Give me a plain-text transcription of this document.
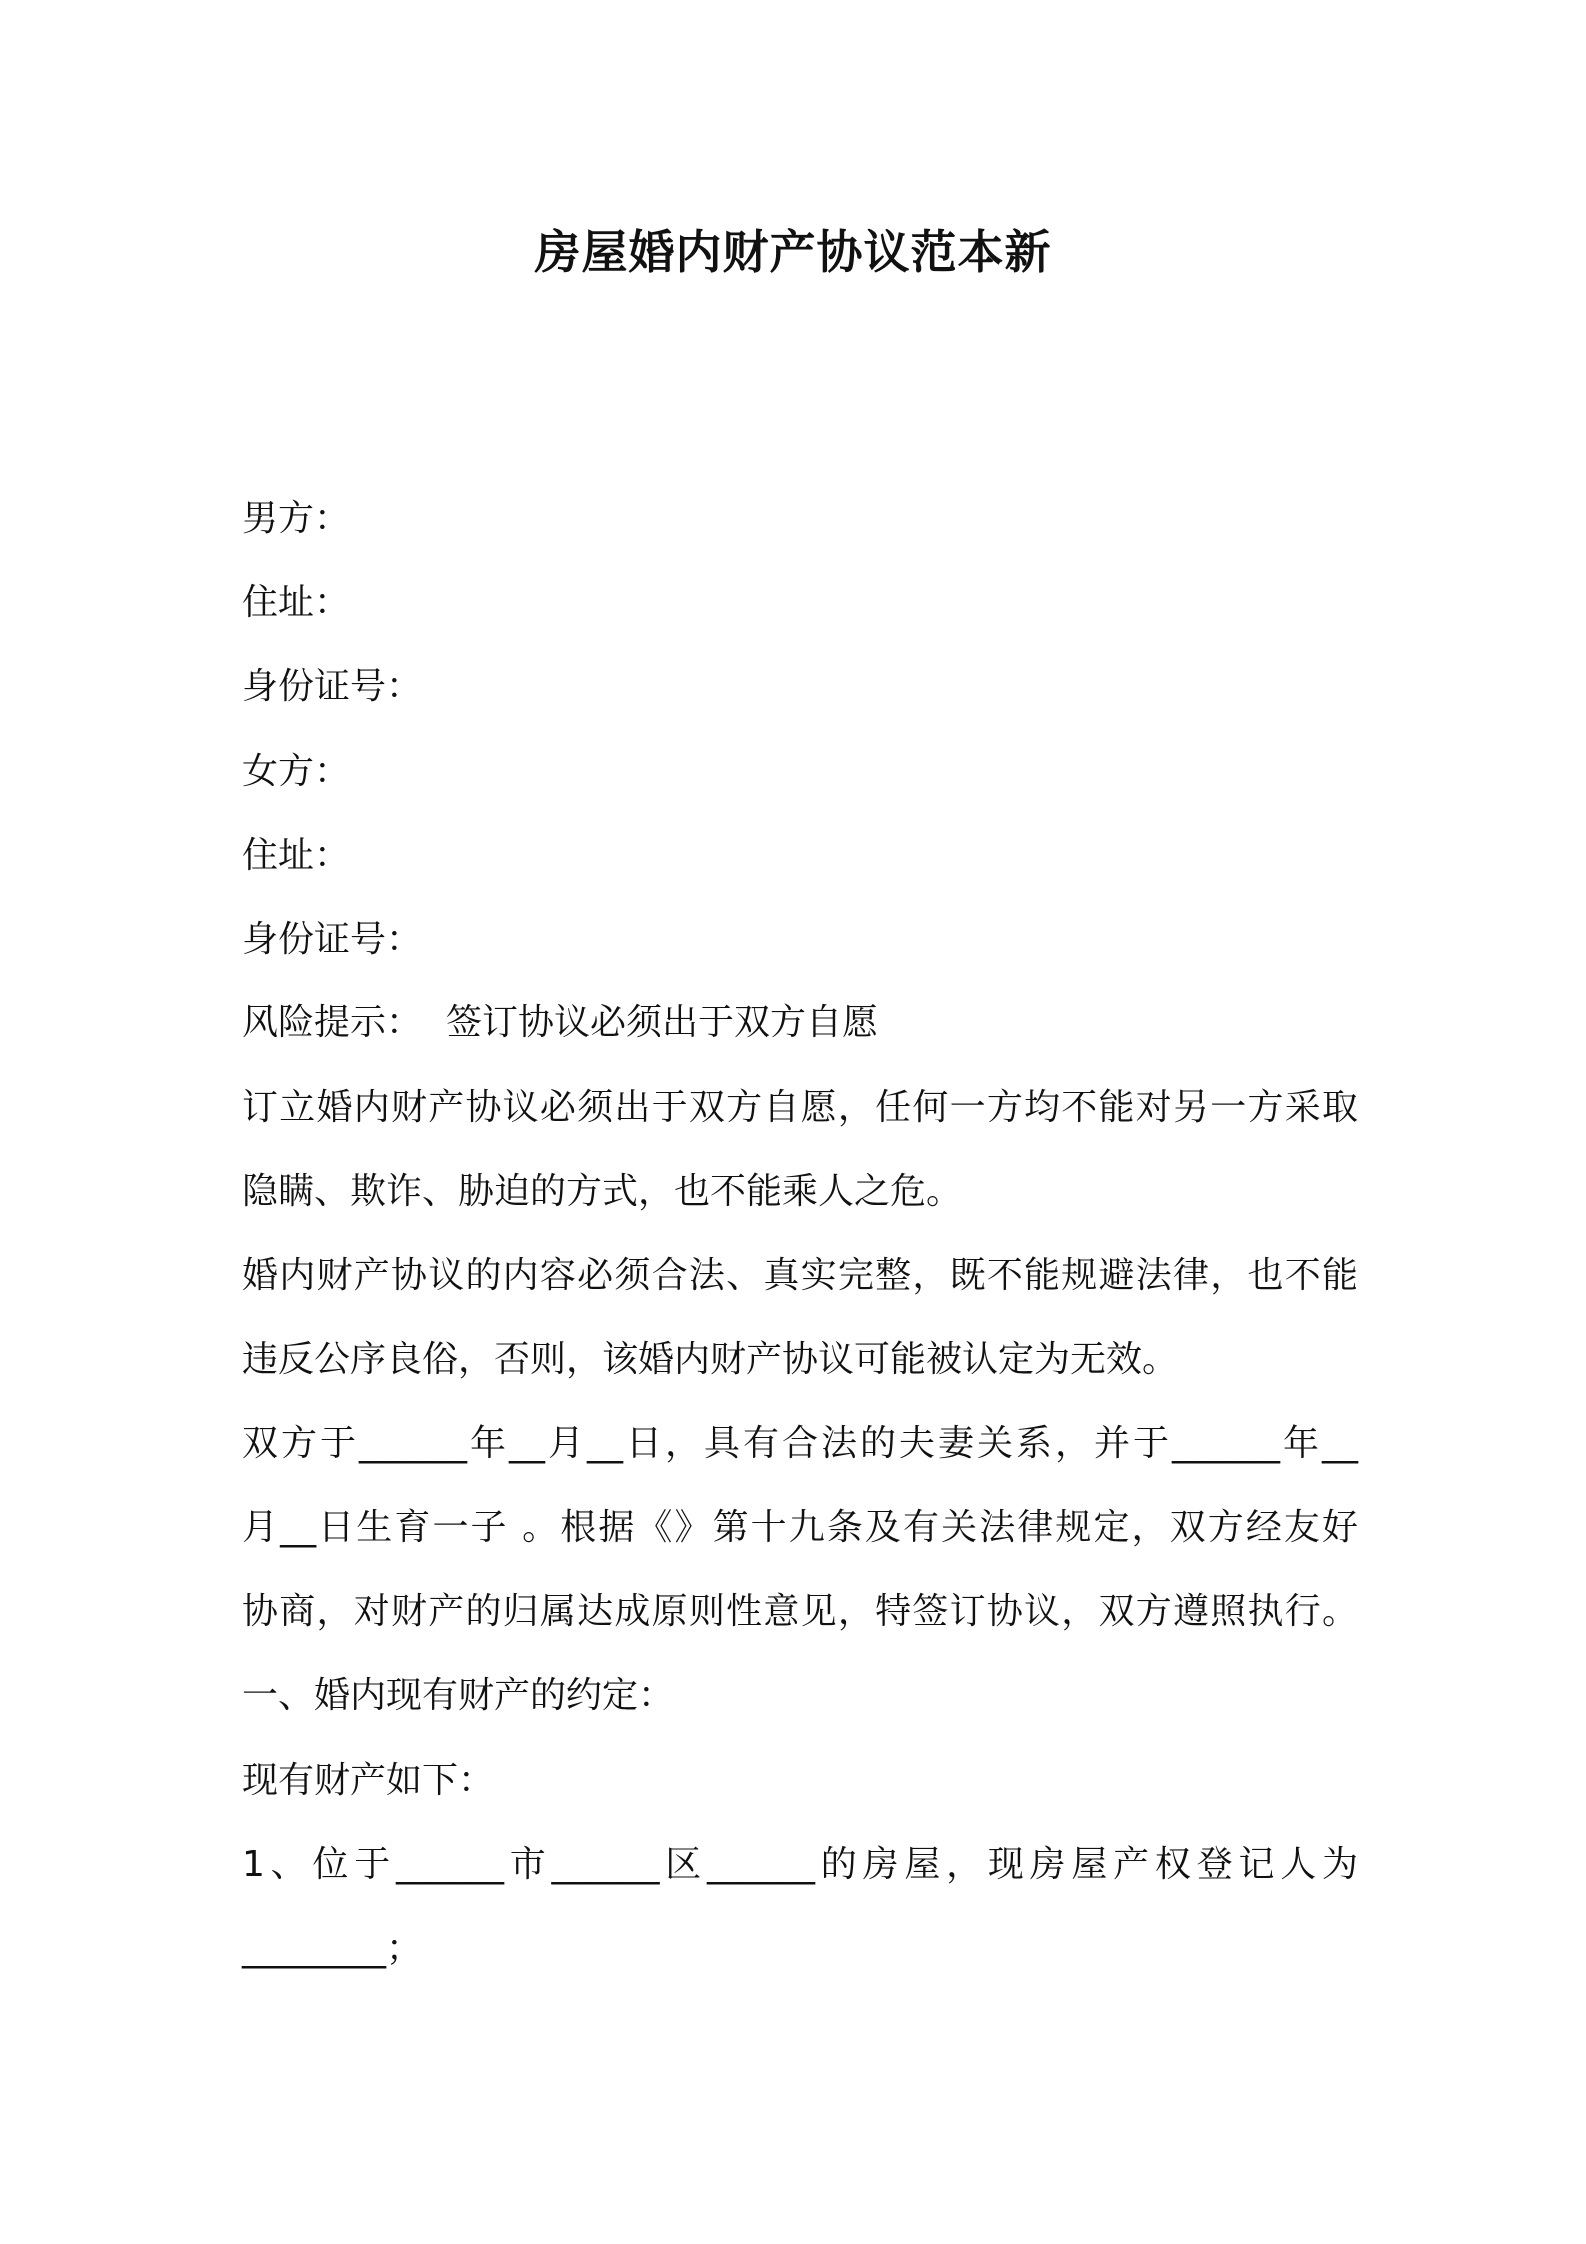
房屋婚内财产协议范本新
男方：
住址：
身份证号：
女方：
住址：
身份证号：
风险提示： 签订协议必须出于双方自愿
订立婚内财产协议必须出于双方自愿，任何一方均不能对另一方采取
隐瞒、欺诈、胁迫的方式，也不能乘人之危。
婚内财产协议的内容必须合法、真实完整，既不能规避法律，也不能
违反公序良俗，否则，该婚内财产协议可能被认定为无效。
双方于______年__月__日，具有合法的夫妻关系，并于______年__
月__日生育一子 。根据《》第十九条及有关法律规定，双方经友好
协商，对财产的归属达成原则性意见，特签订协议，双方遵照执行。
一、婚内现有财产的约定：
现有财产如下：
1、位于______市______区______的房屋，现房屋产权登记人为
________；
